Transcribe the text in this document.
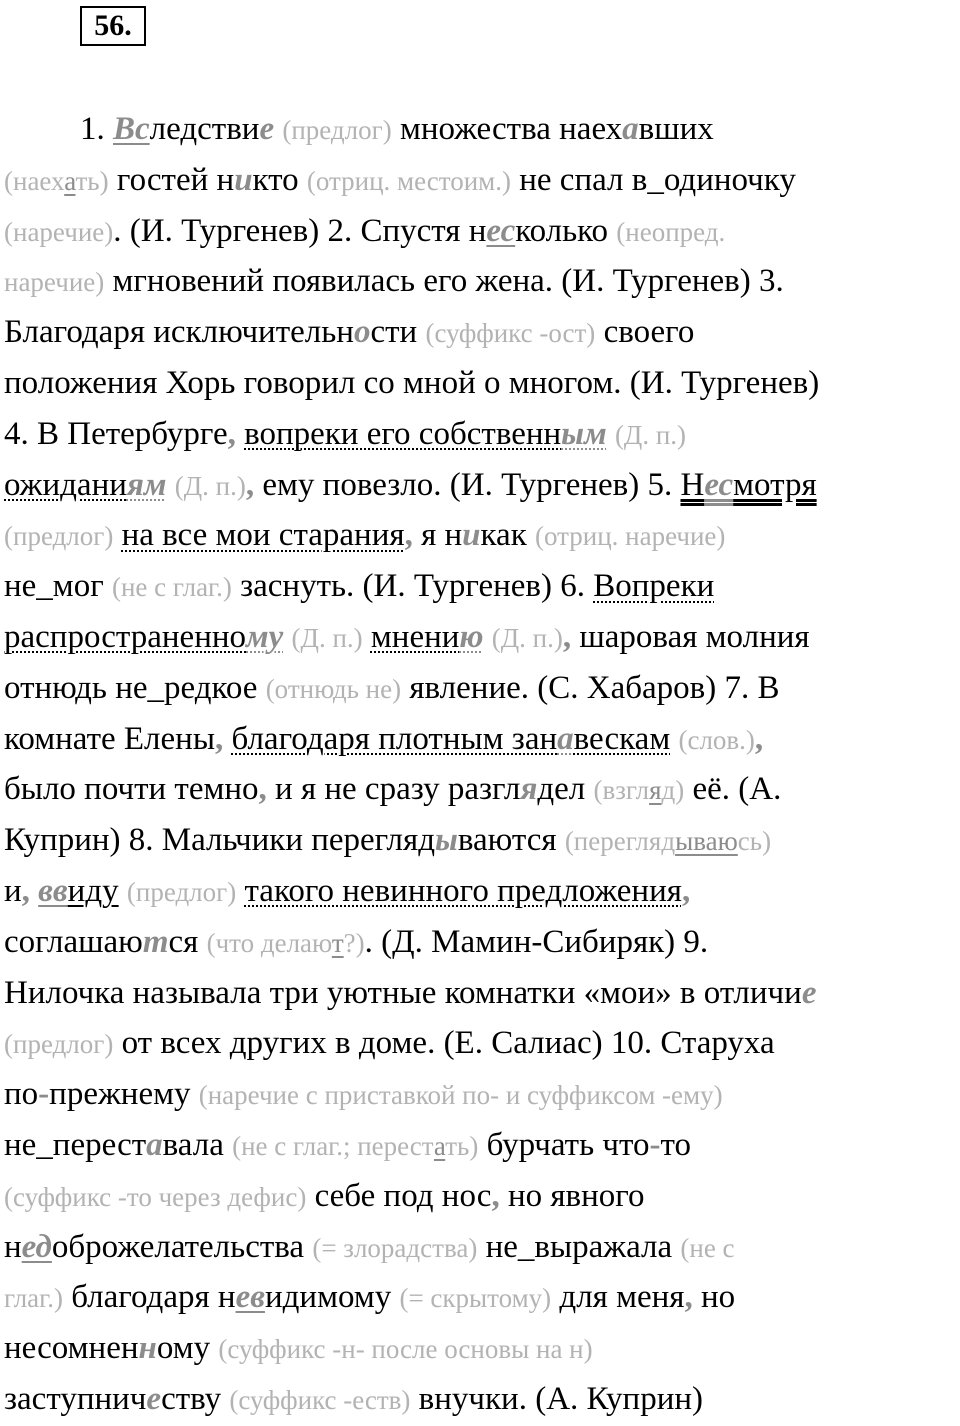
56.
1. Вследствие (предлог) множества наехавших
(наехать) гостей никто (отриц. местоим.) не спал в_одиночку
(наречие). (И. Тургенев) 2. Спустя несколько (неопред.
наречие) мгновений появилась его жена. (И. Тургенев) 3.
Благодаря исключительности (суффикс -ост) своего
положения Хорь говорил со мной о многом. (И. Тургенев)
4. В Петербурге, вопреки его собственным (Д. п.)
ожиданиям (Д. п.), ему повезло. (И. Тургенев) 5. Несмотря
(предлог) на все мои старания, я никак (отриц. наречие)
не_мог (не с глаг.) заснуть. (И. Тургенев) 6. Вопреки
распространенному (Д. п.) мнению (Д. п.), шаровая молния
отнюдь не_редкое (отнюдь не) явление. (С. Хабаров) 7. В
комнате Елены, благодаря плотным занавескам (слов.),
было почти темно, и я не сразу разглядел (взгляд) её. (А.
Куприн) 8. Мальчики переглядываются (переглядываюсь)
и, ввиду (предлог) такого невинного предложения,
соглашаются (что делают?). (Д. Мамин-Сибиряк) 9.
Нилочка называла три уютные комнатки «мои» в отличие
(предлог) от всех других в доме. (Е. Салиас) 10. Старуха
по-прежнему (наречие с приставкой по- и суффиксом -ему)
не_переставала (не с глаг.; перестать) бурчать что-то
(суффикс -то через дефис) себе под нос, но явного
недоброжелательства (= злорадства) не_выражала (не с
глаг.) благодаря невидимому (= скрытому) для меня, но
несомненному (суффикс -н- после основы на н)
заступничеству (суффикс -еств) внучки. (А. Куприн)
